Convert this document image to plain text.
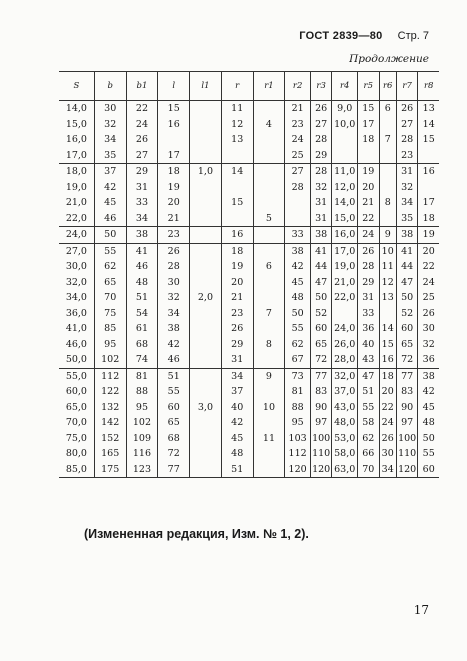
ГОСТ 2839—80 Стр. 7
Продолжение
S	b	b1	l	l1	r	r1	r2	r3	r4	r5	r6	r7	r8
14,0	30	22	15		11		21	26	9,0	15	6	26	13
15,0	32	24	16		12	4	23	27	10,0	17		27	14
16,0	34	26			13		24	28		18	7	28	15
17,0	35	27	17				25	29				23	
18,0	37	29	18	1,0	14		27	28	11,0	19		31	16
19,0	42	31	19				28	32	12,0	20		32	
21,0	45	33	20		15			31	14,0	21	8	34	17
22,0	46	34	21			5		31	15,0	22		35	18
24,0	50	38	23		16		33	38	16,0	24	9	38	19
27,0	55	41	26		18		38	41	17,0	26	10	41	20
30,0	62	46	28		19	6	42	44	19,0	28	11	44	22
32,0	65	48	30		20		45	47	21,0	29	12	47	24
34,0	70	51	32	2,0	21		48	50	22,0	31	13	50	25
36,0	75	54	34		23	7	50	52		33		52	26
41,0	85	61	38		26		55	60	24,0	36	14	60	30
46,0	95	68	42		29	8	62	65	26,0	40	15	65	32
50,0	102	74	46		31		67	72	28,0	43	16	72	36
55,0	112	81	51		34	9	73	77	32,0	47	18	77	38
60,0	122	88	55		37		81	83	37,0	51	20	83	42
65,0	132	95	60	3,0	40	10	88	90	43,0	55	22	90	45
70,0	142	102	65		42		95	97	48,0	58	24	97	48
75,0	152	109	68		45	11	103	100	53,0	62	26	100	50
80,0	165	116	72		48		112	110	58,0	66	30	110	55
85,0	175	123	77		51		120	120	63,0	70	34	120	60
(Измененная редакция, Изм. № 1, 2).
17
